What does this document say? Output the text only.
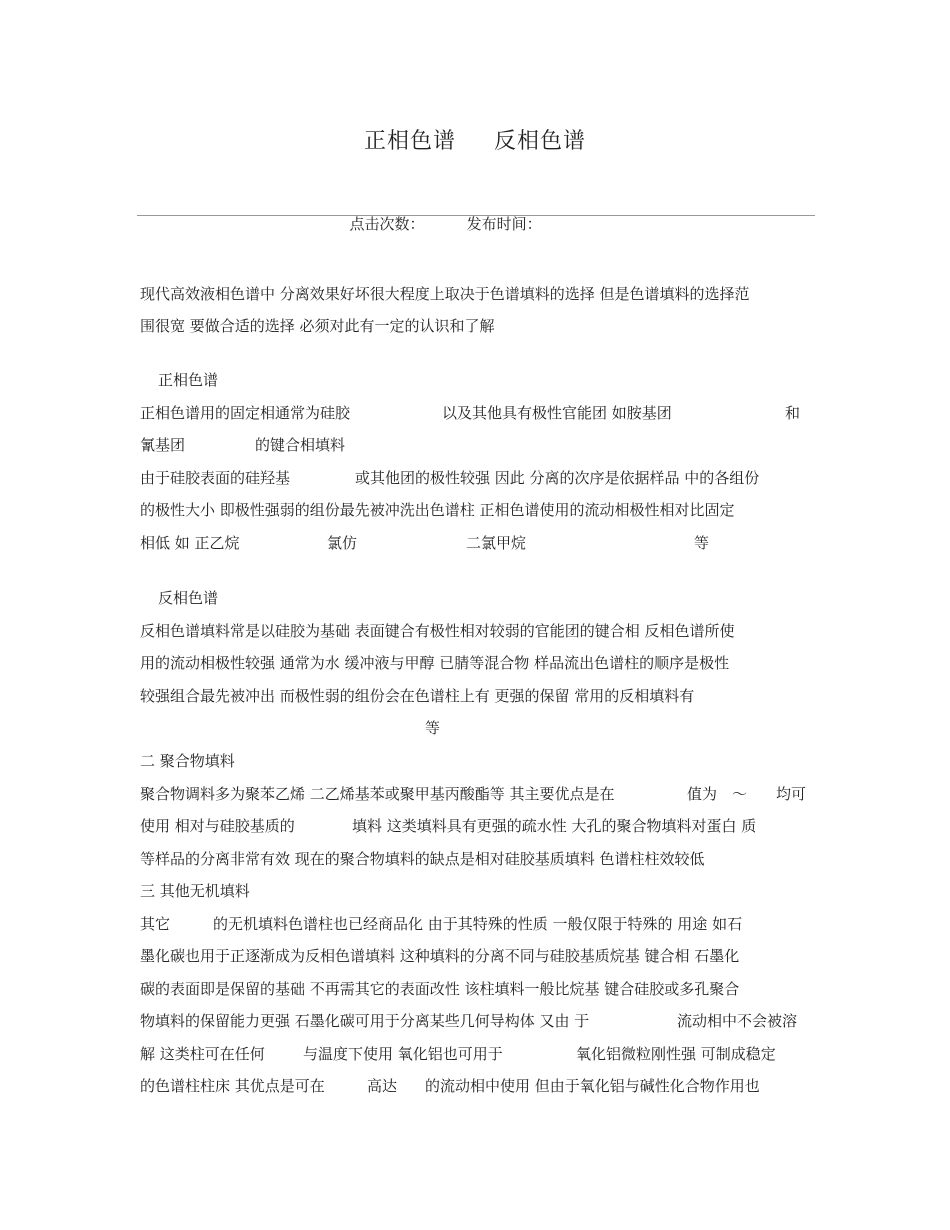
正相色谱 反相色谱

点击次数：	发布时间：

现代高效液相色谱中 分离效果好坏很大程度上取决于色谱填料的选择 但是色谱填料的选择范
围很宽 要做合适的选择 必须对此有一定的认识和了解
正相色谱
正相色谱用的固定相通常为硅胶	以及其他具有极性官能团 如胺基团	和
氰基团	的键合相填料
由于硅胶表面的硅羟基	或其他团的极性较强 因此 分离的次序是依据样品 中的各组份
的极性大小 即极性强弱的组份最先被冲洗出色谱柱 正相色谱使用的流动相极性相对比固定
相低 如 正乙烷	氯仿	二氯甲烷	等
反相色谱
反相色谱填料常是以硅胶为基础 表面键合有极性相对较弱的官能团的键合相 反相色谱所使
用的流动相极性较强 通常为水 缓冲液与甲醇 已腈等混合物 样品流出色谱柱的顺序是极性
较强组合最先被冲出 而极性弱的组份会在色谱柱上有 更强的保留 常用的反相填料有
等
二 聚合物填料
聚合物调料多为聚苯乙烯 二乙烯基苯或聚甲基丙酸酯等 其主要优点是在	值为 ～ 均可
使用 相对与硅胶基质的	填料 这类填料具有更强的疏水性 大孔的聚合物填料对蛋白 质
等样品的分离非常有效 现在的聚合物填料的缺点是相对硅胶基质填料 色谱柱柱效较低
三 其他无机填料
其它	的无机填料色谱柱也已经商品化 由于其特殊的性质 一般仅限于特殊的 用途 如石
墨化碳也用于正逐渐成为反相色谱填料 这种填料的分离不同与硅胶基质烷基 键合相 石墨化
碳的表面即是保留的基础 不再需其它的表面改性 该柱填料一般比烷基 键合硅胶或多孔聚合
物填料的保留能力更强 石墨化碳可用于分离某些几何导构体 又由 于	流动相中不会被溶
解 这类柱可在任何	与温度下使用 氧化铝也可用于	氧化铝微粒刚性强 可制成稳定
的色谱柱柱床 其优点是可在	高达 的流动相中使用 但由于氧化铝与碱性化合物作用也
